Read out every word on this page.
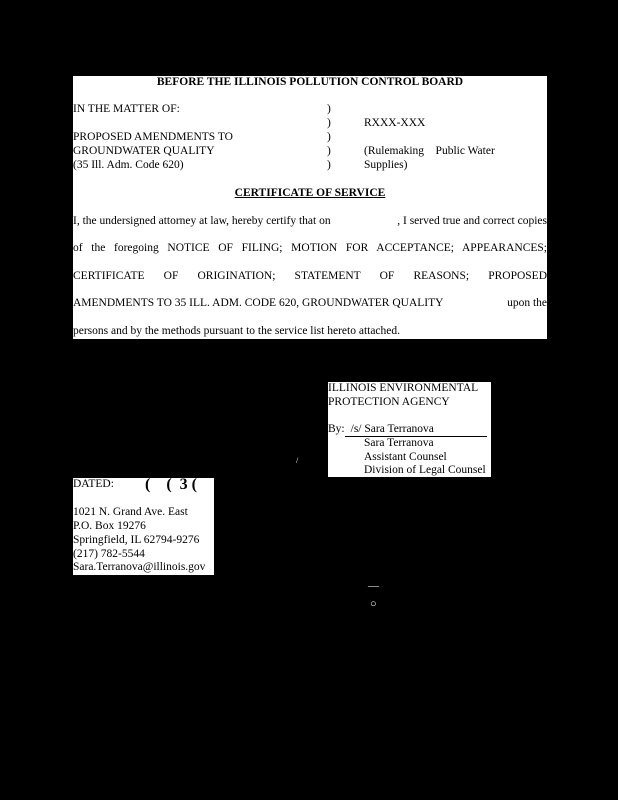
BEFORE THE ILLINOIS POLLUTION CONTROL BOARD
IN THE MATTER OF:
PROPOSED AMENDMENTS TO
GROUNDWATER QUALITY
(35 Ill. Adm. Code 620)
)
)
)
)
)
RXXX-XXX
(Rulemaking    Public Water
Supplies)
CERTIFICATE OF SERVICE
I, the undersigned attorney at law, hereby certify that on	, I served true and correct copies
of the foregoing NOTICE OF FILING; MOTION FOR ACCEPTANCE; APPEARANCES;
CERTIFICATE OF ORIGINATION; STATEMENT OF REASONS; PROPOSED
AMENDMENTS TO 35 ILL. ADM. CODE 620, GROUNDWATER QUALITY	upon the
persons and by the methods pursuant to the service list hereto attached.
ILLINOIS ENVIRONMENTAL
PROTECTION AGENCY
By: /s/ Sara Terranova
Sara Terranova
Assistant Counsel
Division of Legal Counsel
DATED: (    (  3 (
1021 N. Grand Ave. East
P.O. Box 19276
Springfield, IL 62794-9276
(217) 782-5544
Sara.Terranova@illinois.gov
—
○
/
